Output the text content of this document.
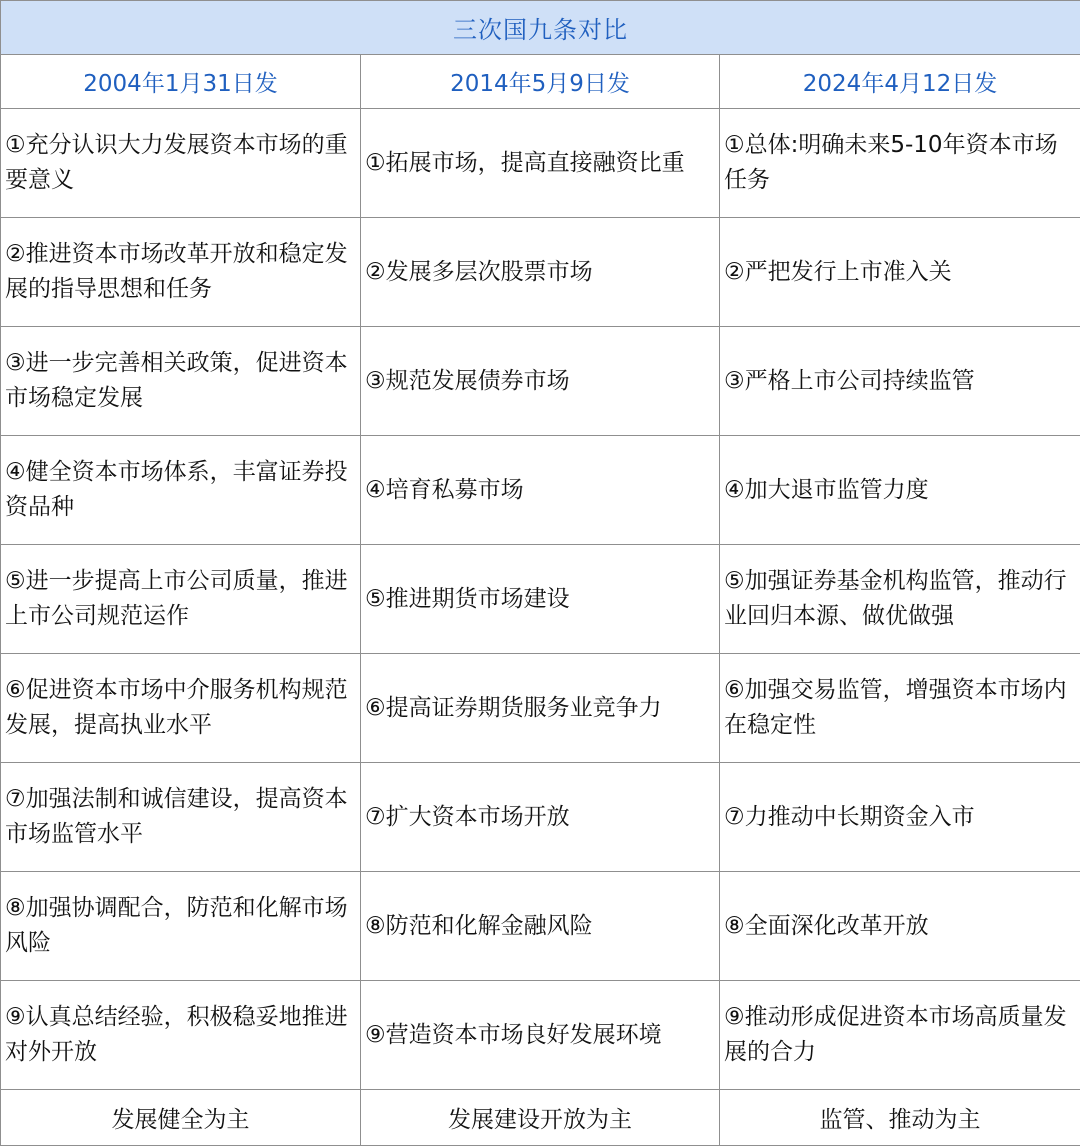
三次国九条对比		
2004年1月31日发	2014年5月9日发	2024年4月12日发
①充分认识大力发展资本市场的重要意义	①拓展市场，提高直接融资比重	①总体:明确未来5-10年资本市场任务
②推进资本市场改革开放和稳定发展的指导思想和任务	②发展多层次股票市场	②严把发行上市准入关
③进一步完善相关政策，促进资本市场稳定发展	③规范发展债券市场	③严格上市公司持续监管
④健全资本市场体系，丰富证券投资品种	④培育私募市场	④加大退市监管力度
⑤进一步提高上市公司质量，推进上市公司规范运作	⑤推进期货市场建设	⑤加强证券基金机构监管，推动行业回归本源、做优做强
⑥促进资本市场中介服务机构规范发展，提高执业水平	⑥提高证券期货服务业竞争力	⑥加强交易监管，增强资本市场内在稳定性
⑦加强法制和诚信建设，提高资本市场监管水平	⑦扩大资本市场开放	⑦力推动中长期资金入市
⑧加强协调配合，防范和化解市场风险	⑧防范和化解金融风险	⑧全面深化改革开放
⑨认真总结经验，积极稳妥地推进对外开放	⑨营造资本市场良好发展环境	⑨推动形成促进资本市场高质量发展的合力
发展健全为主	发展建设开放为主	监管、推动为主
